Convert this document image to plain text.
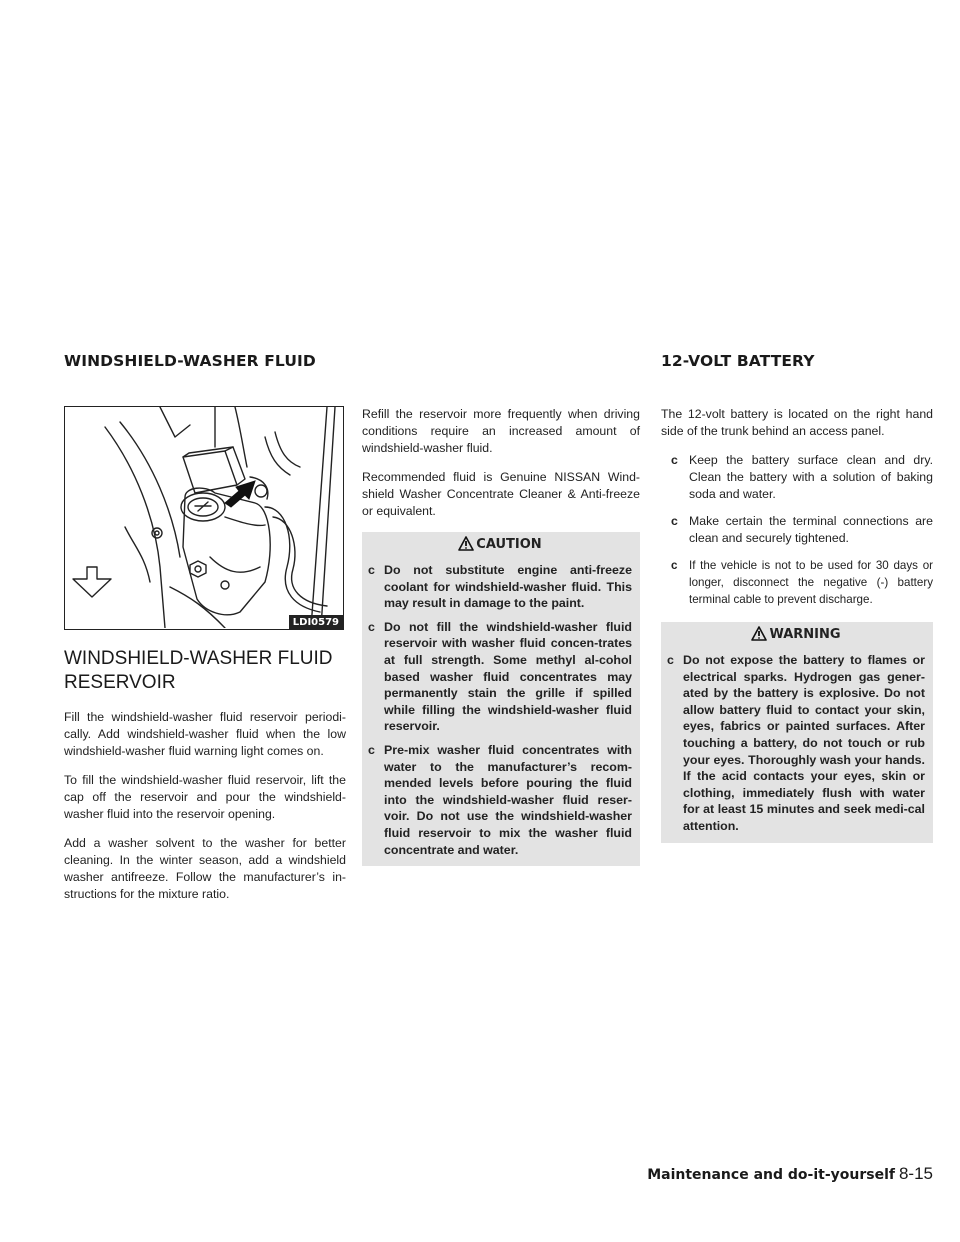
WINDSHIELD-WASHER FLUID	12-VOLT BATTERY
LDI0579
WINDSHIELD-WASHER FLUID RESERVOIR

Fill the windshield-washer fluid reservoir periodi-cally. Add windshield-washer fluid when the low windshield-washer fluid warning light comes on.

To fill the windshield-washer fluid reservoir, lift the cap off the reservoir and pour the windshield-washer fluid into the reservoir opening.

Add a washer solvent to the washer for better cleaning. In the winter season, add a windshield washer antifreeze. Follow the manufacturer’s in-structions for the mixture ratio.

Refill the reservoir more frequently when driving conditions require an increased amount of windshield-washer fluid.

Recommended fluid is Genuine NISSAN Wind-shield Washer Concentrate Cleaner & Anti-freeze or equivalent.

CAUTION
c Do not substitute engine anti-freeze coolant for windshield-washer fluid. This may result in damage to the paint.
c Do not fill the windshield-washer fluid reservoir with washer fluid concen-trates at full strength. Some methyl al-cohol based washer fluid concentrates may permanently stain the grille if spilled while filling the windshield-washer fluid reservoir.
c Pre-mix washer fluid concentrates with water to the manufacturer’s recom-mended levels before pouring the fluid into the windshield-washer fluid reser-voir. Do not use the windshield-washer fluid reservoir to mix the washer fluid concentrate and water.

The 12-volt battery is located on the right hand side of the trunk behind an access panel.

c Keep the battery surface clean and dry. Clean the battery with a solution of baking soda and water.
c Make certain the terminal connections are clean and securely tightened.
c If the vehicle is not to be used for 30 days or longer, disconnect the negative (-) battery terminal cable to prevent discharge.
WARNING
c Do not expose the battery to flames or electrical sparks. Hydrogen gas gener-ated by the battery is explosive. Do not allow battery fluid to contact your skin, eyes, fabrics or painted surfaces. After touching a battery, do not touch or rub your eyes. Thoroughly wash your hands. If the acid contacts your eyes, skin or clothing, immediately flush with water for at least 15 minutes and seek medi-cal attention.
Maintenance and do-it-yourself 8-15
